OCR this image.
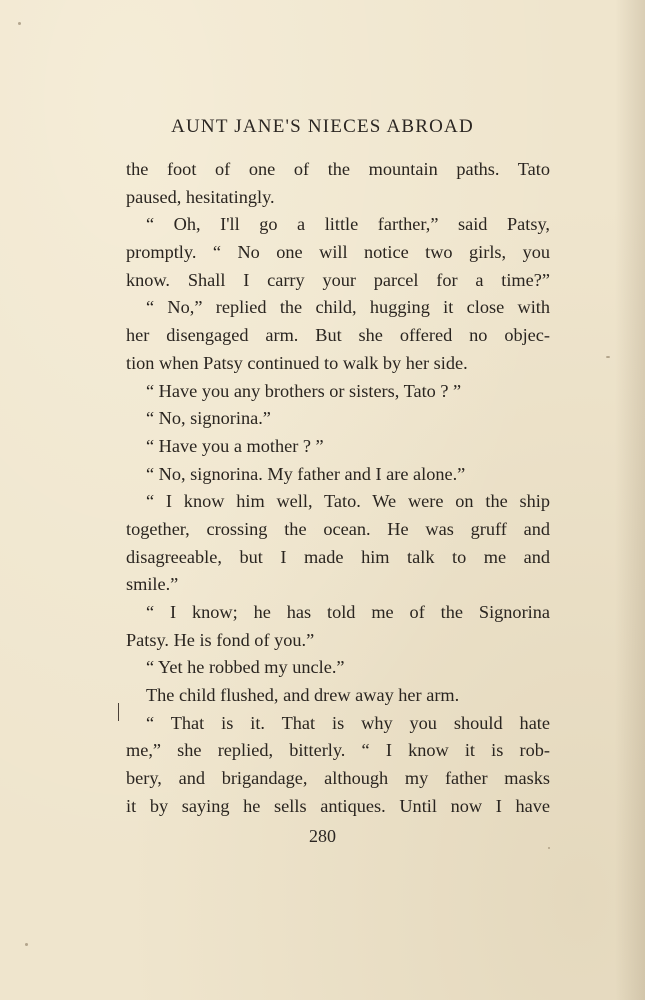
AUNT JANE'S NIECES ABROAD
the foot of one of the mountain paths. Tato
paused, hesitatingly.
“ Oh, I'll go a little farther,” said Patsy,
promptly. “ No one will notice two girls, you
know. Shall I carry your parcel for a time?”
“ No,” replied the child, hugging it close with
her disengaged arm. But she offered no objec-
tion when Patsy continued to walk by her side.
“ Have you any brothers or sisters, Tato ? ”
“ No, signorina.”
“ Have you a mother ? ”
“ No, signorina. My father and I are alone.”
“ I know him well, Tato. We were on the ship
together, crossing the ocean. He was gruff and
disagreeable, but I made him talk to me and
smile.”
“ I know; he has told me of the Signorina
Patsy. He is fond of you.”
“ Yet he robbed my uncle.”
The child flushed, and drew away her arm.
“ That is it. That is why you should hate
me,” she replied, bitterly. “ I know it is rob-
bery, and brigandage, although my father masks
it by saying he sells antiques. Until now I have
280
